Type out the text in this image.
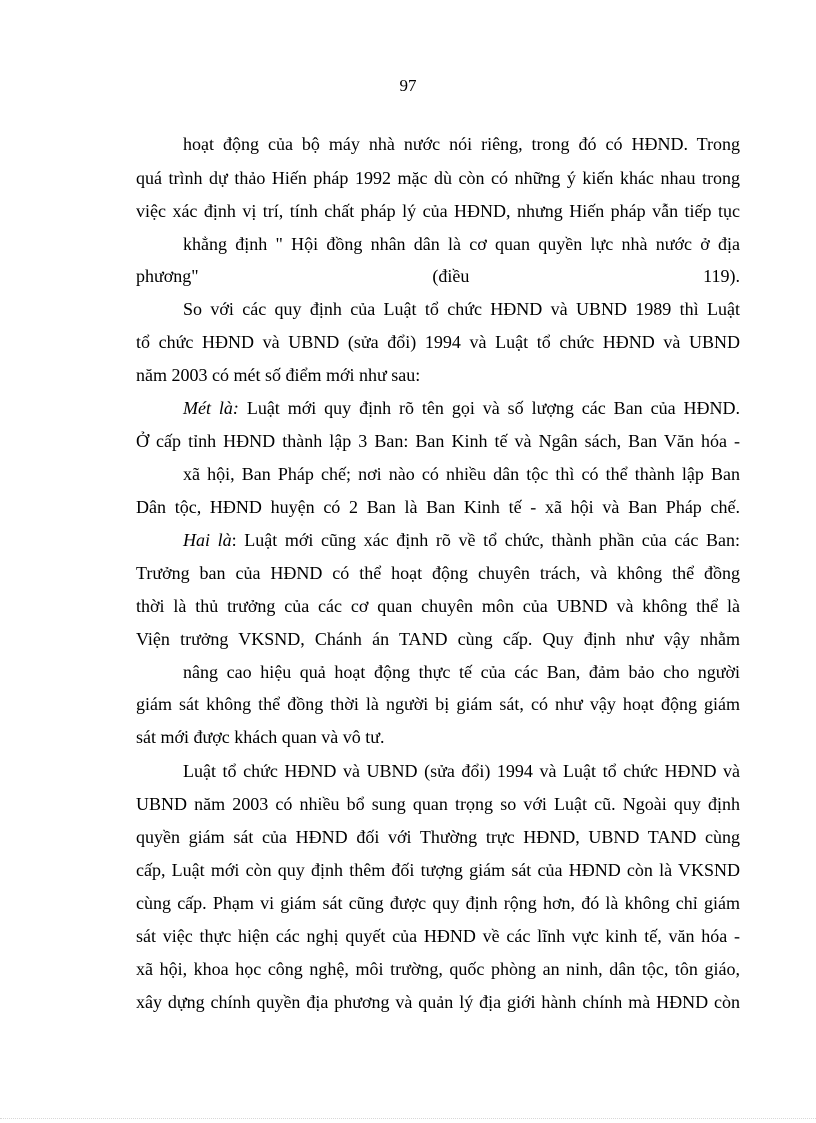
97
hoạt động của bộ máy nhà nước nói riêng, trong đó có HĐND. Trong
quá trình dự thảo Hiến pháp 1992 mặc dù còn có những ý kiến khác nhau trong
việc xác định vị trí, tính chất pháp lý của HĐND, nhưng Hiến pháp vẫn tiếp tục
khẳng định " Hội đồng nhân dân là cơ quan quyền lực nhà nước ở địa
phương"	(điều	119).
So với các quy định của Luật tổ chức HĐND và UBND 1989 thì Luật
tổ chức HĐND và UBND (sửa đổi) 1994 và Luật tổ chức HĐND và UBND
năm 2003 có mét số điểm mới như sau:
Mét là: Luật mới quy định rõ tên gọi và số lượng các Ban của HĐND.
Ở cấp tỉnh HĐND thành lập 3 Ban: Ban Kinh tế và Ngân sách, Ban Văn hóa -
xã hội, Ban Pháp chế; nơi nào có nhiều dân tộc thì có thể thành lập Ban
Dân tộc, HĐND huyện có 2 Ban là Ban Kinh tế - xã hội và Ban Pháp chế.
Hai là: Luật mới cũng xác định rõ về tổ chức, thành phần của các Ban:
Trưởng ban của HĐND có thể hoạt động chuyên trách, và không thể đồng
thời là thủ trưởng của các cơ quan chuyên môn của UBND và không thể là
Viện trưởng VKSND, Chánh án TAND cùng cấp. Quy định như vậy nhằm
nâng cao hiệu quả hoạt động thực tế của các Ban, đảm bảo cho người
giám sát không thể đồng thời là người bị giám sát, có như vậy hoạt động giám
sát mới được khách quan và vô tư.
Luật tổ chức HĐND và UBND (sửa đổi) 1994 và Luật tổ chức HĐND và
UBND năm 2003 có nhiều bổ sung quan trọng so với Luật cũ. Ngoài quy định
quyền giám sát của HĐND đối với Thường trực HĐND, UBND TAND cùng
cấp, Luật mới còn quy định thêm đối tượng giám sát của HĐND còn là VKSND
cùng cấp. Phạm vi giám sát cũng được quy định rộng hơn, đó là không chỉ giám
sát việc thực hiện các nghị quyết của HĐND về các lĩnh vực kinh tế, văn hóa -
xã hội, khoa học công nghệ, môi trường, quốc phòng an ninh, dân tộc, tôn giáo,
xây dựng chính quyền địa phương và quản lý địa giới hành chính mà HĐND còn
